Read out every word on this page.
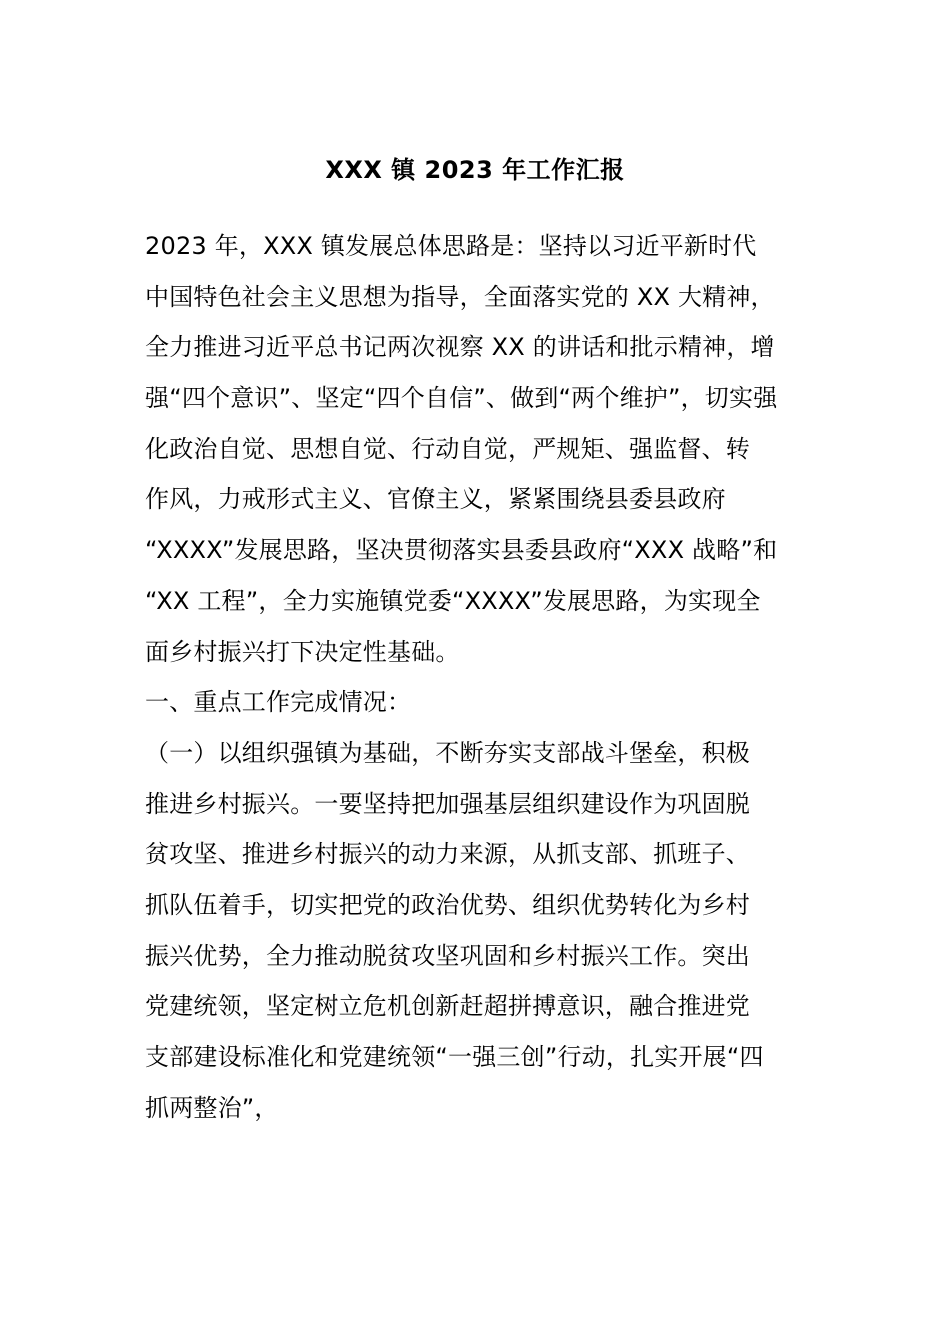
XXX 镇 2023 年工作汇报
2023 年，XXX 镇发展总体思路是：坚持以习近平新时代
中国特色社会主义思想为指导，全面落实党的 XX 大精神，
全力推进习近平总书记两次视察 XX 的讲话和批示精神，增
强“四个意识”、坚定“四个自信”、做到“两个维护”，切实强
化政治自觉、思想自觉、行动自觉，严规矩、强监督、转
作风，力戒形式主义、官僚主义，紧紧围绕县委县政府
“XXXX”发展思路，坚决贯彻落实县委县政府“XXX 战略”和
“XX 工程”，全力实施镇党委“XXXX”发展思路，为实现全
面乡村振兴打下决定性基础。
一、重点工作完成情况：
（一）以组织强镇为基础，不断夯实支部战斗堡垒，积极
推进乡村振兴。一要坚持把加强基层组织建设作为巩固脱
贫攻坚、推进乡村振兴的动力来源，从抓支部、抓班子、
抓队伍着手，切实把党的政治优势、组织优势转化为乡村
振兴优势，全力推动脱贫攻坚巩固和乡村振兴工作。突出
党建统领，坚定树立危机创新赶超拼搏意识，融合推进党
支部建设标准化和党建统领“一强三创”行动，扎实开展“四
抓两整治”，
